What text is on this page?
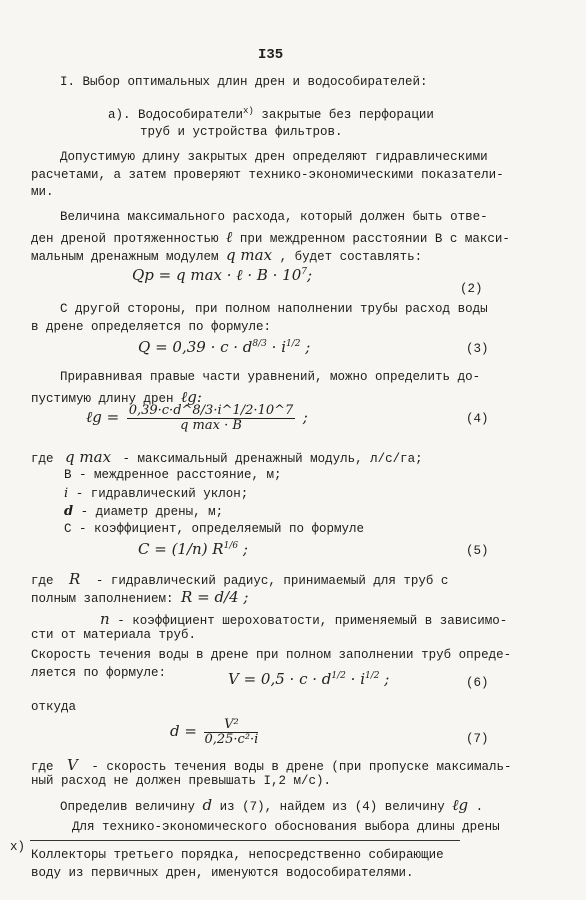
I35
I. Выбор оптимальных длин дрен и водособирателей:
а). Водособиратели$^{x)}$ закрытые без перфорации
труб и устройства фильтров.
Допустимую длину закрытых дрен определяют гидравлическими
расчетами, а затем проверяют технико-экономическими показатели-
ми.
Величина максимального расхода, который должен быть отве-
ден дреной протяженностью ℓ при междренном расстоянии В с макси-
мальным дренажным модулем q max , будет составлять:
Qр = q max · ℓ · $B \cdot 10^7$;
(2)
С другой стороны, при полном наполнении трубы расход воды
в дрене определяется по формуле:
$Q = 0,39 \cdot c \cdot d^{8/3} \cdot i^{1/2}$ ;	(3)
Приравнивая правые части уравнений, можно определить до-
пустимую длину дрен ℓg:
ℓg = $\frac{0,39\cdot c\cdot d\^{}8/3\cdot i\^{}1/2\cdot 10\^{}7}{\text{q max · B}}$ ;	(4)
где q max - максимальный дренажный модуль, л/с/га;
B - междренное расстояние, м;
i - гидравлический уклон;
d - диаметр дрены, м;
C - коэффициент, определяемый по формуле
C = (1/n) $R^{1/6}$ ;	(5)
где R - гидравлический радиус, принимаемый для труб с
полным заполнением: R = d/4 ;
n - коэффициент шероховатости, применяемый в зависимо-
сти от материала труб.
Скорость течения воды в дрене при полном заполнении труб опреде-
ляется по формуле:	$V = 0,5 \cdot c \cdot d^{1/2} \cdot i^{1/2}$ ;	(6)
откуда
$d = \frac{\text{V²}}{\text{0,25·c²·i}}$	(7)
где V - скорость течения воды в дрене (при пропуске максималь-
ный расход не должен превышать I,2 м/с).
Определив величину d из (7), найдем из (4) величину ℓg .
Для технико-экономического обоснования выбора длины дрены
x)
Коллекторы третьего порядка, непосредственно собирающие
воду из первичных дрен, именуются водособирателями.
